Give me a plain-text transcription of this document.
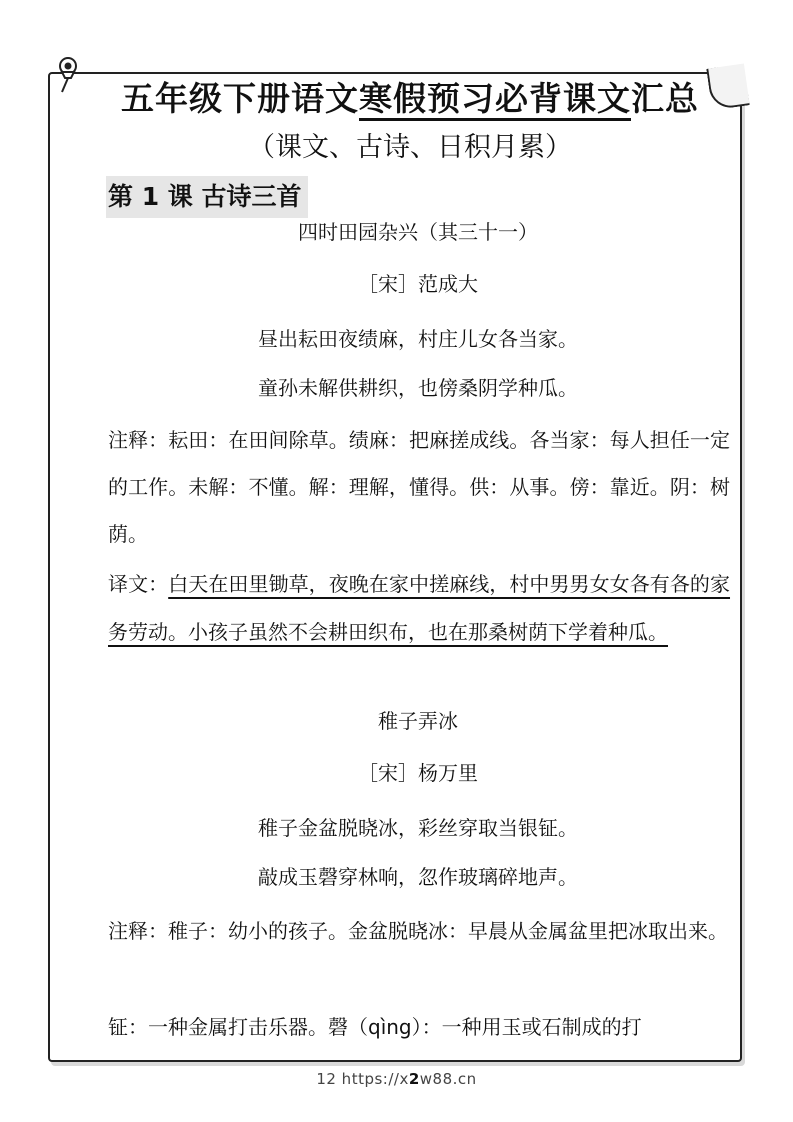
五年级下册语文寒假预习必背课文汇总
（课文、古诗、日积月累）
第 1 课 古诗三首
四时田园杂兴（其三十一）
［宋］范成大
昼出耘田夜绩麻，村庄儿女各当家。
童孙未解供耕织，也傍桑阴学种瓜。
注释：耘田：在田间除草。绩麻：把麻搓成线。各当家：每人担任一定的工作。未解：不懂。解：理解，懂得。供：从事。傍：靠近。阴：树荫。
译文：白天在田里锄草，夜晚在家中搓麻线，村中男男女女各有各的家务劳动。小孩子虽然不会耕田织布，也在那桑树荫下学着种瓜。
稚子弄冰
［宋］杨万里
稚子金盆脱晓冰，彩丝穿取当银钲。
敲成玉磬穿林响，忽作玻璃碎地声。
注释：稚子：幼小的孩子。金盆脱晓冰：早晨从金属盆里把冰取出来。
钲：一种金属打击乐器。磬（qìng）：一种用玉或石制成的打
12 https://x2w88.cn
